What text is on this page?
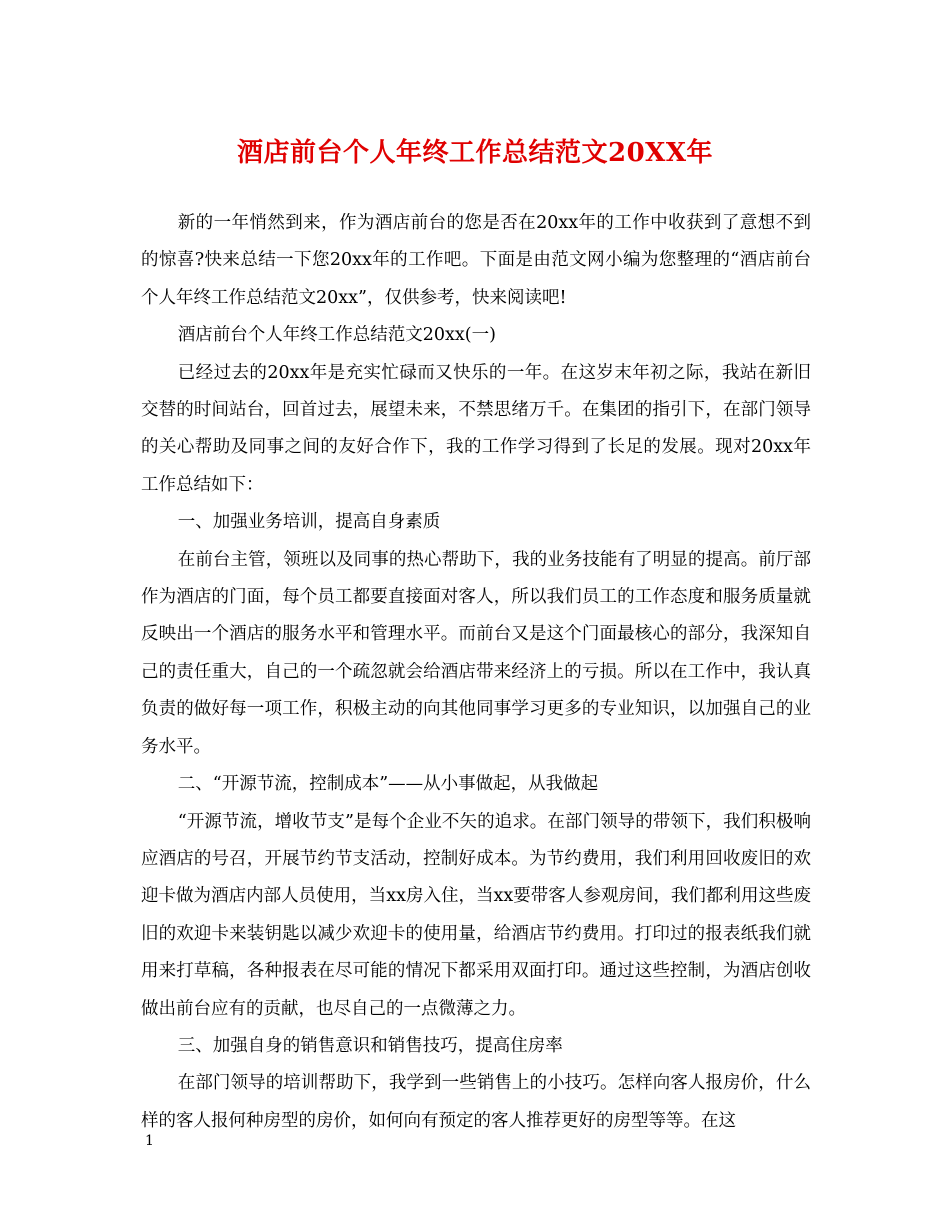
酒店前台个人年终工作总结范文20XX年

新的一年悄然到来，作为酒店前台的您是否在20xx年的工作中收获到了意想不到的惊喜?快来总结一下您20xx年的工作吧。下面是由范文网小编为您整理的“酒店前台个人年终工作总结范文20xx”，仅供参考，快来阅读吧!

酒店前台个人年终工作总结范文20xx(一)

已经过去的20xx年是充实忙碌而又快乐的一年。在这岁末年初之际，我站在新旧交替的时间站台，回首过去，展望未来，不禁思绪万千。在集团的指引下，在部门领导的关心帮助及同事之间的友好合作下，我的工作学习得到了长足的发展。现对20xx年工作总结如下：

一、加强业务培训，提高自身素质

在前台主管，领班以及同事的热心帮助下，我的业务技能有了明显的提高。前厅部作为酒店的门面，每个员工都要直接面对客人，所以我们员工的工作态度和服务质量就反映出一个酒店的服务水平和管理水平。而前台又是这个门面最核心的部分，我深知自己的责任重大，自己的一个疏忽就会给酒店带来经济上的亏损。所以在工作中，我认真负责的做好每一项工作，积极主动的向其他同事学习更多的专业知识，以加强自己的业务水平。

二、“开源节流，控制成本”——从小事做起，从我做起

“开源节流，增收节支”是每个企业不矢的追求。在部门领导的带领下，我们积极响应酒店的号召，开展节约节支活动，控制好成本。为节约费用，我们利用回收废旧的欢迎卡做为酒店内部人员使用，当xx房入住，当xx要带客人参观房间，我们都利用这些废旧的欢迎卡来装钥匙以减少欢迎卡的使用量，给酒店节约费用。打印过的报表纸我们就用来打草稿，各种报表在尽可能的情况下都采用双面打印。通过这些控制，为酒店创收做出前台应有的贡献，也尽自己的一点微薄之力。

三、加强自身的销售意识和销售技巧，提高住房率

在部门领导的培训帮助下，我学到一些销售上的小技巧。怎样向客人报房价，什么样的客人报何种房型的房价，如何向有预定的客人推荐更好的房型等等。在这

1
